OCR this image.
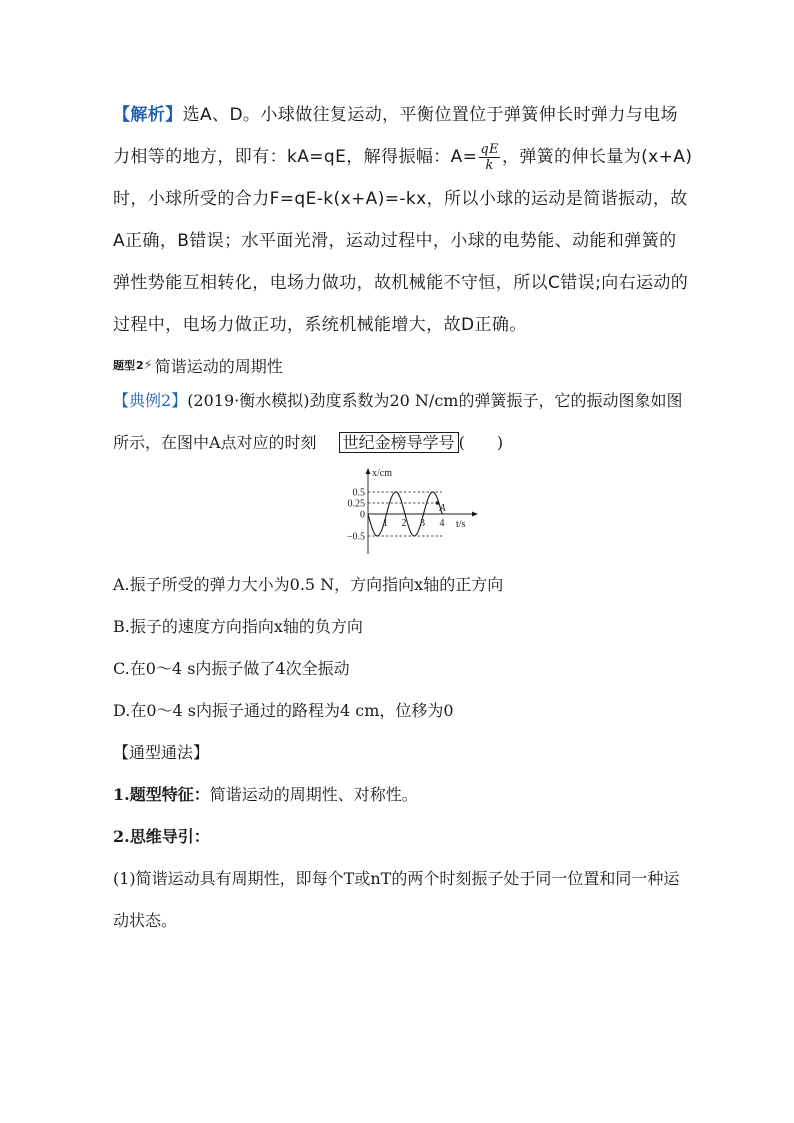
【解析】选A、D。小球做往复运动，平衡位置位于弹簧伸长时弹力与电场力相等的地方，即有：kA=qE，解得振幅：$A= \frac{qE}{k}$ ，弹簧的伸长量为(x+A)时，小球所受的合力F=qE-k(x+A)=-kx，所以小球的运动是简谐振动，故A正确，B错误；水平面光滑，运动过程中，小球的电势能、动能和弹簧的弹性势能互相转化，电场力做功，故机械能不守恒，所以C错误;向右运动的过程中，电场力做正功，系统机械能增大，故D正确。

题型 2 ⚡ 简谐运动的周期性

【典例2】(2019·衡水模拟)劲度系数为20 N/cm的弹簧振子，它的振动图象如图所示，在图中A点对应的时刻 世纪金榜导学号 (　　)

x/cm
t/s
0.5
0.25
0
−0.5
1 2 3 4
A

A.振子所受的弹力大小为0.5 N，方向指向x轴的正方向

B.振子的速度方向指向x轴的负方向

C.在0～4 s内振子做了4次全振动

D.在0～4 s内振子通过的路程为4 cm，位移为0

【通型通法】

1.题型特征：简谐运动的周期性、对称性。

2.思维导引：

(1)简谐运动具有周期性，即每个T或nT的两个时刻振子处于同一位置和同一种运动状态。
